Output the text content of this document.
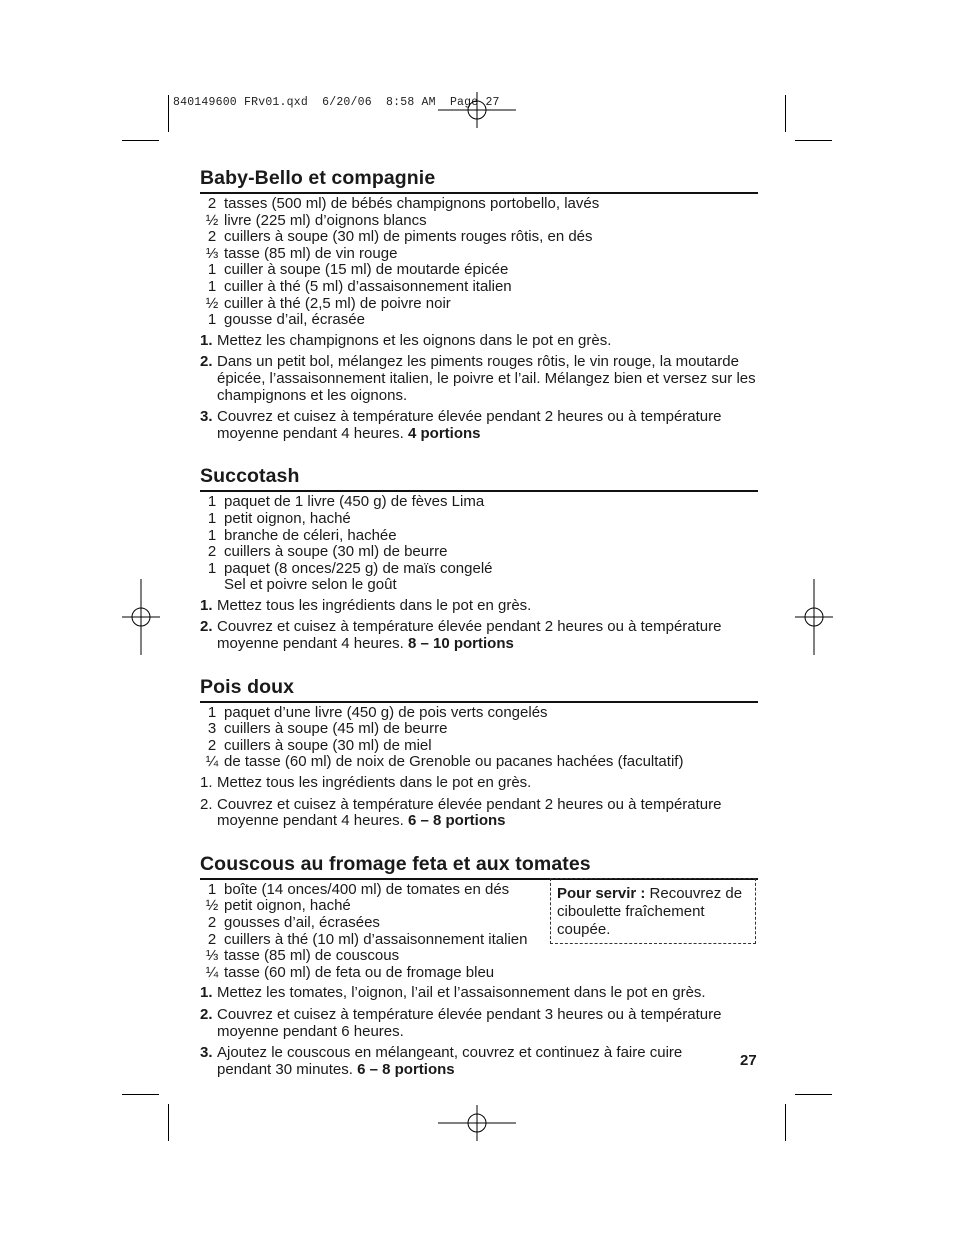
840149600 FRv01.qxd  6/20/06  8:58 AM  Page 27
Baby-Bello et compagnie
2 tasses (500 ml) de bébés champignons portobello, lavés
½ livre (225 ml) d’oignons blancs
2 cuillers à soupe (30 ml) de piments rouges rôtis, en dés
⅓ tasse (85 ml) de vin rouge
1 cuiller à soupe (15 ml) de moutarde épicée
1 cuiller à thé (5 ml) d’assaisonnement italien
½ cuiller à thé (2,5 ml) de poivre noir
1 gousse d’ail, écrasée
1. Mettez les champignons et les oignons dans le pot en grès.
2. Dans un petit bol, mélangez les piments rouges rôtis, le vin rouge, la moutarde épicée, l’assaisonnement italien, le poivre et l’ail. Mélangez bien et versez sur les champignons et les oignons.
3. Couvrez et cuisez à température élevée pendant 2 heures ou à température moyenne pendant 4 heures. 4 portions
Succotash
1 paquet de 1 livre (450 g) de fèves Lima
1 petit oignon, haché
1 branche de céleri, hachée
2 cuillers à soupe (30 ml) de beurre
1 paquet (8 onces/225 g) de maïs congelé
Sel et poivre selon le goût
1. Mettez tous les ingrédients dans le pot en grès.
2. Couvrez et cuisez à température élevée pendant 2 heures ou à température moyenne pendant 4 heures. 8 – 10 portions
Pois doux
1 paquet d’une livre (450 g) de pois verts congelés
3 cuillers à soupe (45 ml) de beurre
2 cuillers à soupe (30 ml) de miel
¼ de tasse (60 ml) de noix de Grenoble ou pacanes hachées (facultatif)
1. Mettez tous les ingrédients dans le pot en grès.
2. Couvrez et cuisez à température élevée pendant 2 heures ou à température moyenne pendant 4 heures. 6 – 8 portions
Couscous au fromage feta et aux tomates
1 boîte (14 onces/400 ml) de tomates en dés
½ petit oignon, haché
2 gousses d’ail, écrasées
2 cuillers à thé (10 ml) d’assaisonnement italien
⅓ tasse (85 ml) de couscous
¼ tasse (60 ml) de feta ou de fromage bleu
1. Mettez les tomates, l’oignon, l’ail et l’assaisonnement dans le pot en grès.
2. Couvrez et cuisez à température élevée pendant 3 heures ou à température moyenne pendant 6 heures.
3. Ajoutez le couscous en mélangeant, couvrez et continuez à faire cuire pendant 30 minutes. 6 – 8 portions
Pour servir : Recouvrez de ciboulette fraîchement coupée.
27
